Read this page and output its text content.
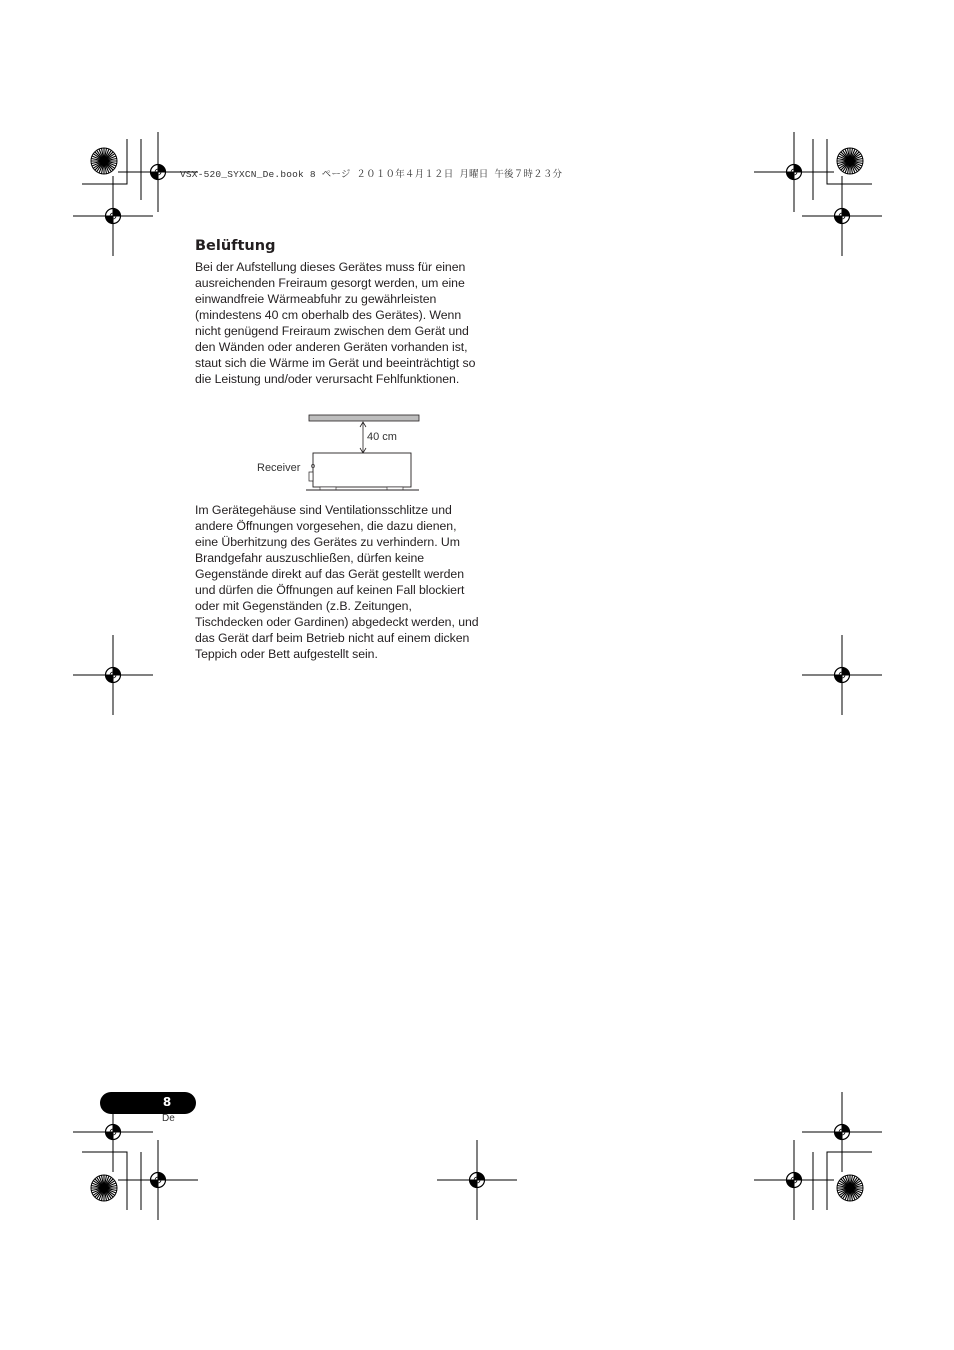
VSX-520_SYXCN_De.book 8 ページ ２０１０年４月１２日 月曜日 午後７時２３分
Belüftung

Bei der Aufstellung dieses Gerätes muss für einen ausreichenden Freiraum gesorgt werden, um eine einwandfreie Wärmeabfuhr zu gewährleisten (mindestens 40 cm oberhalb des Gerätes). Wenn nicht genügend Freiraum zwischen dem Gerät und den Wänden oder anderen Geräten vorhanden ist, staut sich die Wärme im Gerät und beeinträchtigt so die Leistung und/oder verursacht Fehlfunktionen.

40 cm
Receiver

Im Gerätegehäuse sind Ventilationsschlitze und andere Öffnungen vorgesehen, die dazu dienen, eine Überhitzung des Gerätes zu verhindern. Um Brandgefahr auszuschließen, dürfen keine Gegenstände direkt auf das Gerät gestellt werden und dürfen die Öffnungen auf keinen Fall blockiert oder mit Gegenständen (z.B. Zeitungen, Tischdecken oder Gardinen) abgedeckt werden, und das Gerät darf beim Betrieb nicht auf einem dicken Teppich oder Bett aufgestellt sein.

8
De
